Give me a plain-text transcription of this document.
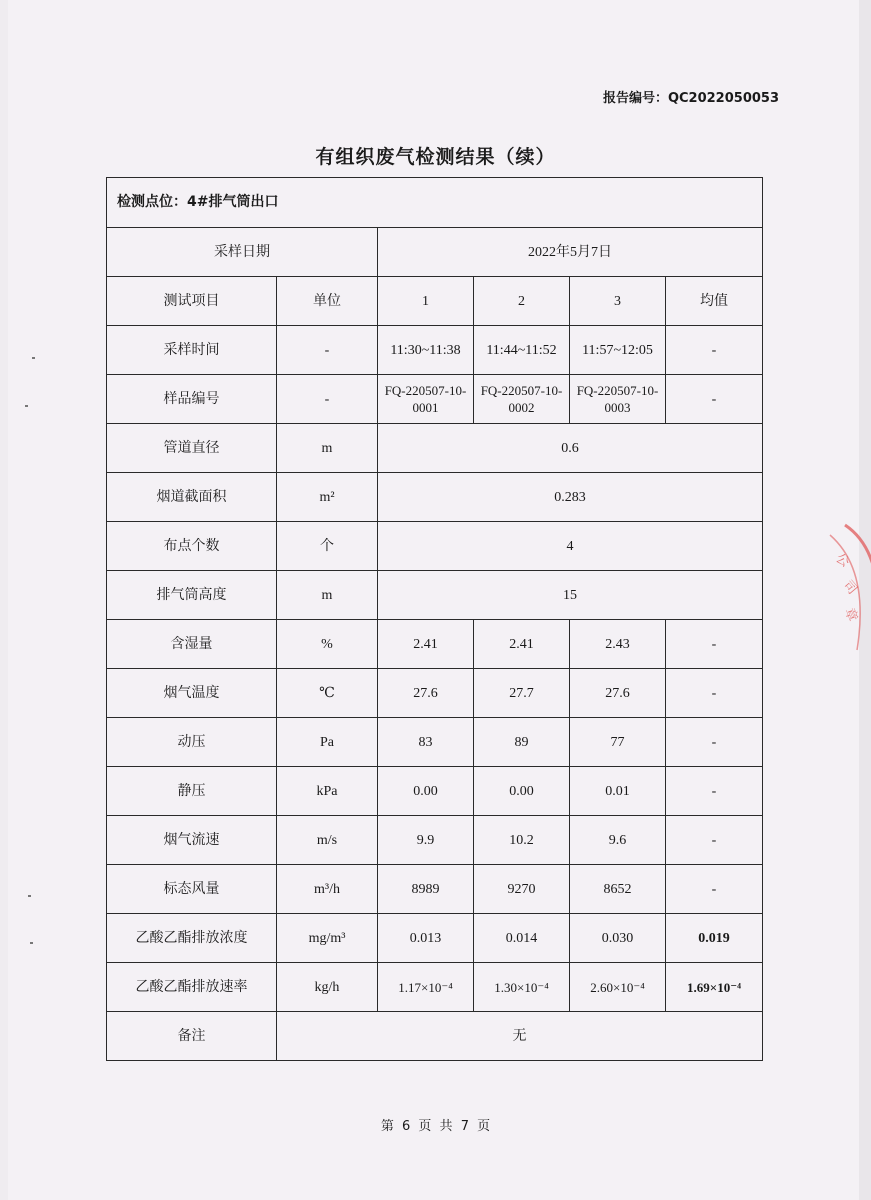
报告编号：QC2022050053
有组织废气检测结果（续）
检测点位：4#排气筒出口					
采样日期		2022年5月7日			
测试项目	单位	1	2	3	均值
采样时间	-	11:30~11:38	11:44~11:52	11:57~12:05	-
样品编号	-	FQ-220507-10-0001	FQ-220507-10-0002	FQ-220507-10-0003	-
管道直径	m	0.6			
烟道截面积	m²	0.283			
布点个数	个	4			
排气筒高度	m	15			
含湿量	%	2.41	2.41	2.43	-
烟气温度	℃	27.6	27.7	27.6	-
动压	Pa	83	89	77	-
静压	kPa	0.00	0.00	0.01	-
烟气流速	m/s	9.9	10.2	9.6	-
标态风量	m³/h	8989	9270	8652	-
乙酸乙酯排放浓度	mg/m³	0.013	0.014	0.030	0.019
乙酸乙酯排放速率	kg/h	1.17×10⁻⁴	1.30×10⁻⁴	2.60×10⁻⁴	1.69×10⁻⁴
备注	无				
第 6 页 共 7 页
公
司
章
